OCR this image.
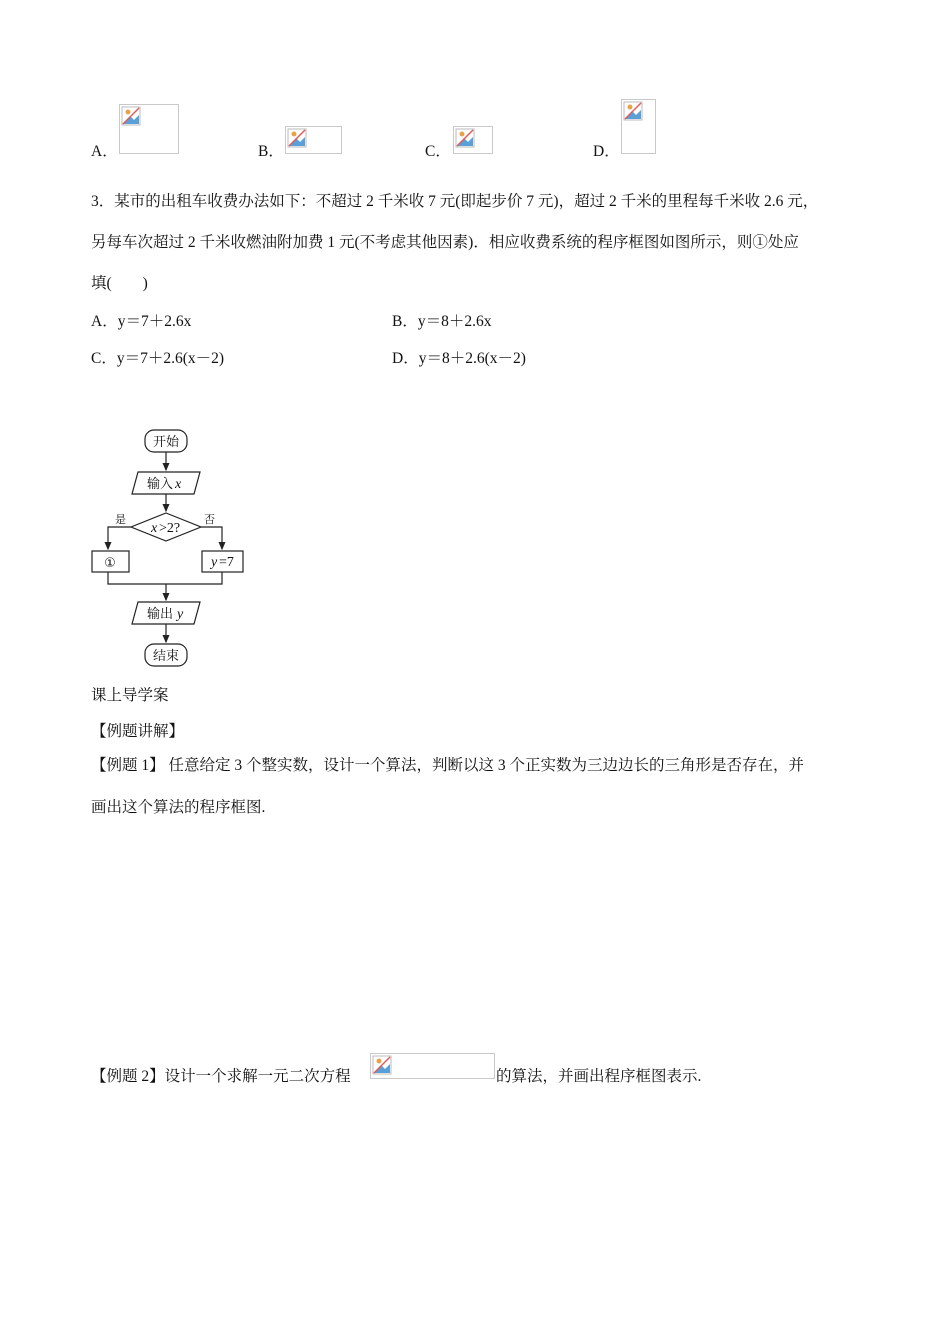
A．	B．	C．	D．
3．某市的出租车收费办法如下：不超过 2 千米收 7 元(即起步价 7 元)，超过 2 千米的里程每千米收 2.6 元，
另每车次超过 2 千米收燃油附加费 1 元(不考虑其他因素)．相应收费系统的程序框图如图所示，则①处应
填(　　)
A．y＝7＋2.6x	B．y＝8＋2.6x
C．y＝7＋2.6(x－2)	D．y＝8＋2.6(x－2)
开始
输入 x
x >2?
是	否
①	y =7
输出 y
结束
课上导学案
【例题讲解】
【例题 1】 任意给定 3 个整实数，设计一个算法，判断以这 3 个正实数为三边边长的三角形是否存在，并
画出这个算法的程序框图.
【例题 2】设计一个求解一元二次方程	的算法，并画出程序框图表示.
